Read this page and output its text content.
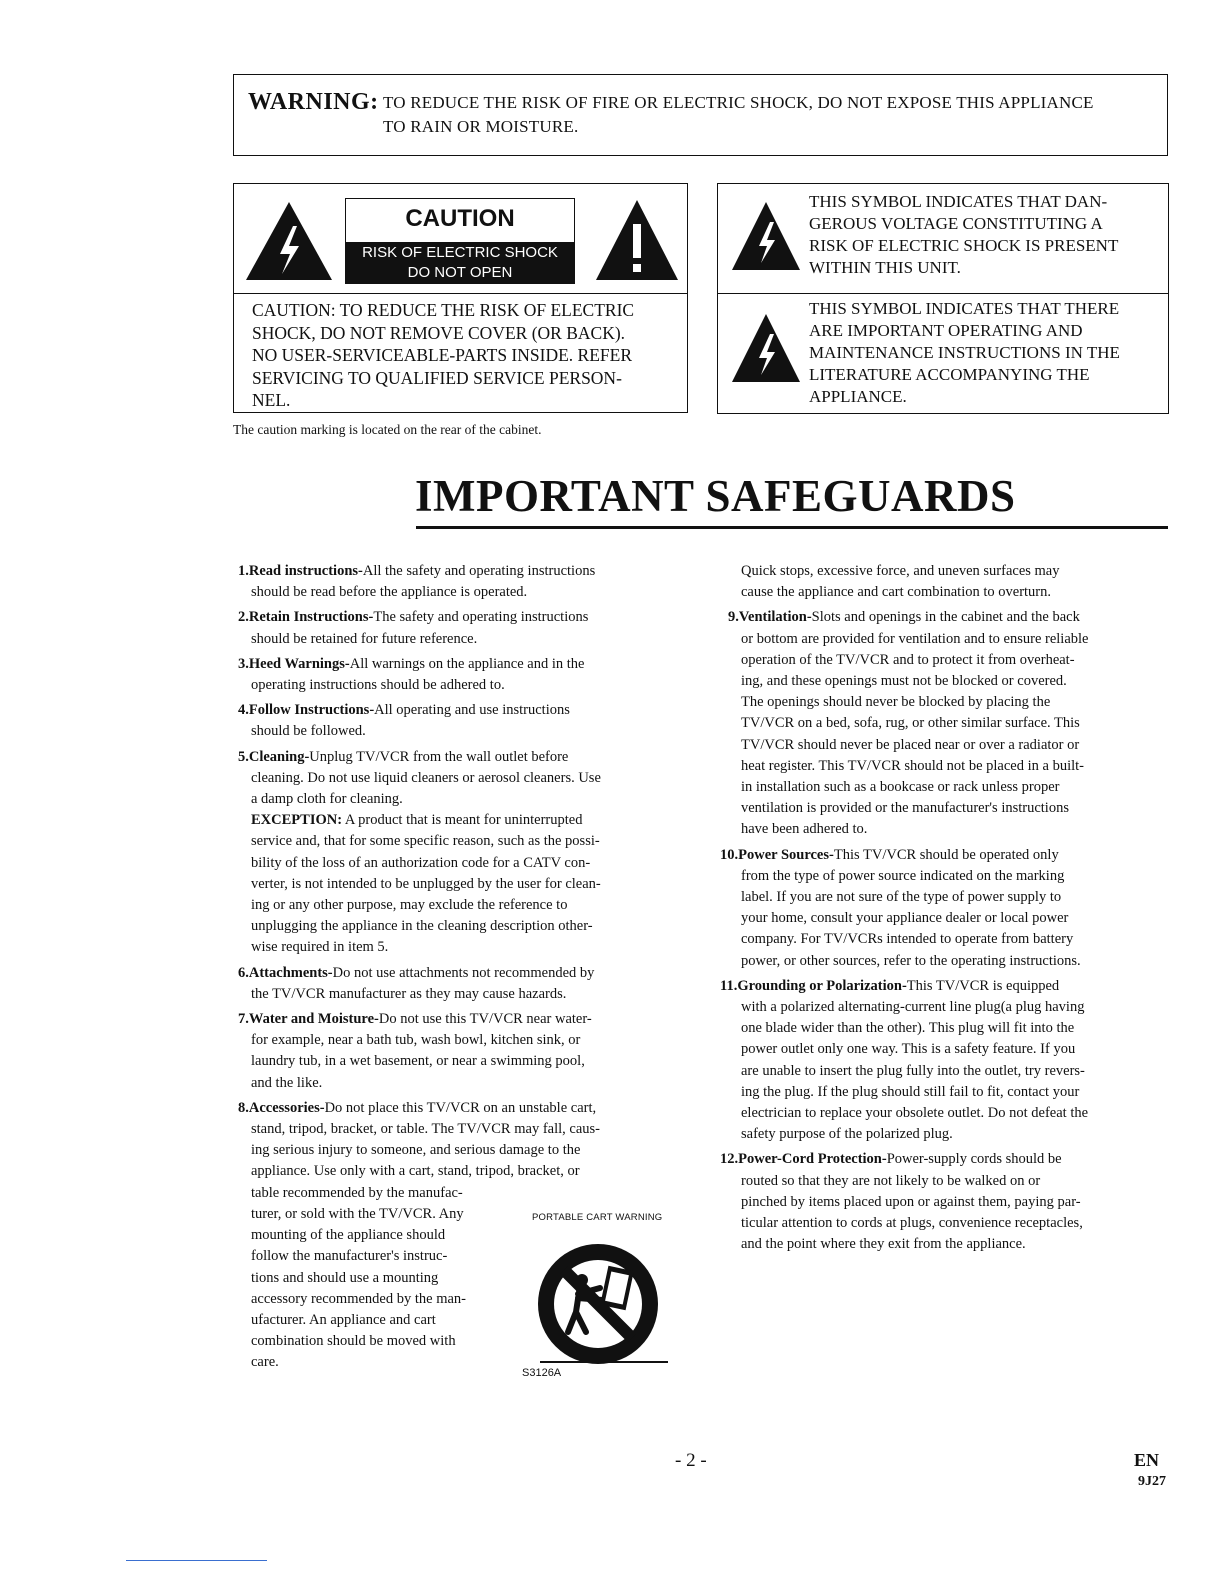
WARNING: TO REDUCE THE RISK OF FIRE OR ELECTRIC SHOCK, DO NOT EXPOSE THIS APPLIANCE
TO RAIN OR MOISTURE.
CAUTION
RISK OF ELECTRIC SHOCK
DO NOT OPEN
CAUTION: TO REDUCE THE RISK OF ELECTRIC
SHOCK, DO NOT REMOVE COVER (OR BACK).
NO USER-SERVICEABLE-PARTS INSIDE. REFER
SERVICING TO QUALIFIED SERVICE PERSON-
NEL.
The caution marking is located on the rear of the cabinet.
THIS SYMBOL INDICATES THAT DAN-
GEROUS VOLTAGE CONSTITUTING A
RISK OF ELECTRIC SHOCK IS PRESENT
WITHIN THIS UNIT.
THIS SYMBOL INDICATES THAT THERE
ARE IMPORTANT OPERATING AND
MAINTENANCE INSTRUCTIONS IN THE
LITERATURE ACCOMPANYING THE
APPLIANCE.
IMPORTANT SAFEGUARDS
1.Read instructions-All the safety and operating instructions
should be read before the appliance is operated.
2.Retain Instructions-The safety and operating instructions
should be retained for future reference.
3.Heed Warnings-All warnings on the appliance and in the
operating instructions should be adhered to.
4.Follow Instructions-All operating and use instructions
should be followed.
5.Cleaning-Unplug TV/VCR from the wall outlet before
cleaning. Do not use liquid cleaners or aerosol cleaners. Use
a damp cloth for cleaning.
EXCEPTION: A product that is meant for uninterrupted
service and, that for some specific reason, such as the possi-
bility of the loss of an authorization code for a CATV con-
verter, is not intended to be unplugged by the user for clean-
ing or any other purpose, may exclude the reference to
unplugging the appliance in the cleaning description other-
wise required in item 5.
6.Attachments-Do not use attachments not recommended by
the TV/VCR manufacturer as they may cause hazards.
7.Water and Moisture-Do not use this TV/VCR near water-
for example, near a bath tub, wash bowl, kitchen sink, or
laundry tub, in a wet basement, or near a swimming pool,
and the like.
8.Accessories-Do not place this TV/VCR on an unstable cart,
stand, tripod, bracket, or table. The TV/VCR may fall, caus-
ing serious injury to someone, and serious damage to the
appliance. Use only with a cart, stand, tripod, bracket, or
table recommended by the manufac-
turer, or sold with the TV/VCR. Any
mounting of the appliance should
follow the manufacturer's instruc-
tions and should use a mounting
accessory recommended by the man-
ufacturer. An appliance and cart
combination should be moved with
care.
PORTABLE CART WARNING
S3126A
Quick stops, excessive force, and uneven surfaces may
cause the appliance and cart combination to overturn.
9.Ventilation-Slots and openings in the cabinet and the back
or bottom are provided for ventilation and to ensure reliable
operation of the TV/VCR and to protect it from overheat-
ing, and these openings must not be blocked or covered.
The openings should never be blocked by placing the
TV/VCR on a bed, sofa, rug, or other similar surface. This
TV/VCR should never be placed near or over a radiator or
heat register. This TV/VCR should not be placed in a built-
in installation such as a bookcase or rack unless proper
ventilation is provided or the manufacturer's instructions
have been adhered to.
10.Power Sources-This TV/VCR should be operated only
from the type of power source indicated on the marking
label. If you are not sure of the type of power supply to
your home, consult your appliance dealer or local power
company. For TV/VCRs intended to operate from battery
power, or other sources, refer to the operating instructions.
11.Grounding or Polarization-This TV/VCR is equipped
with a polarized alternating-current line plug(a plug having
one blade wider than the other). This plug will fit into the
power outlet only one way. This is a safety feature. If you
are unable to insert the plug fully into the outlet, try revers-
ing the plug. If the plug should still fail to fit, contact your
electrician to replace your obsolete outlet. Do not defeat the
safety purpose of the polarized plug.
12.Power-Cord Protection-Power-supply cords should be
routed so that they are not likely to be walked on or
pinched by items placed upon or against them, paying par-
ticular attention to cords at plugs, convenience receptacles,
and the point where they exit from the appliance.
- 2 -	EN
9J27
